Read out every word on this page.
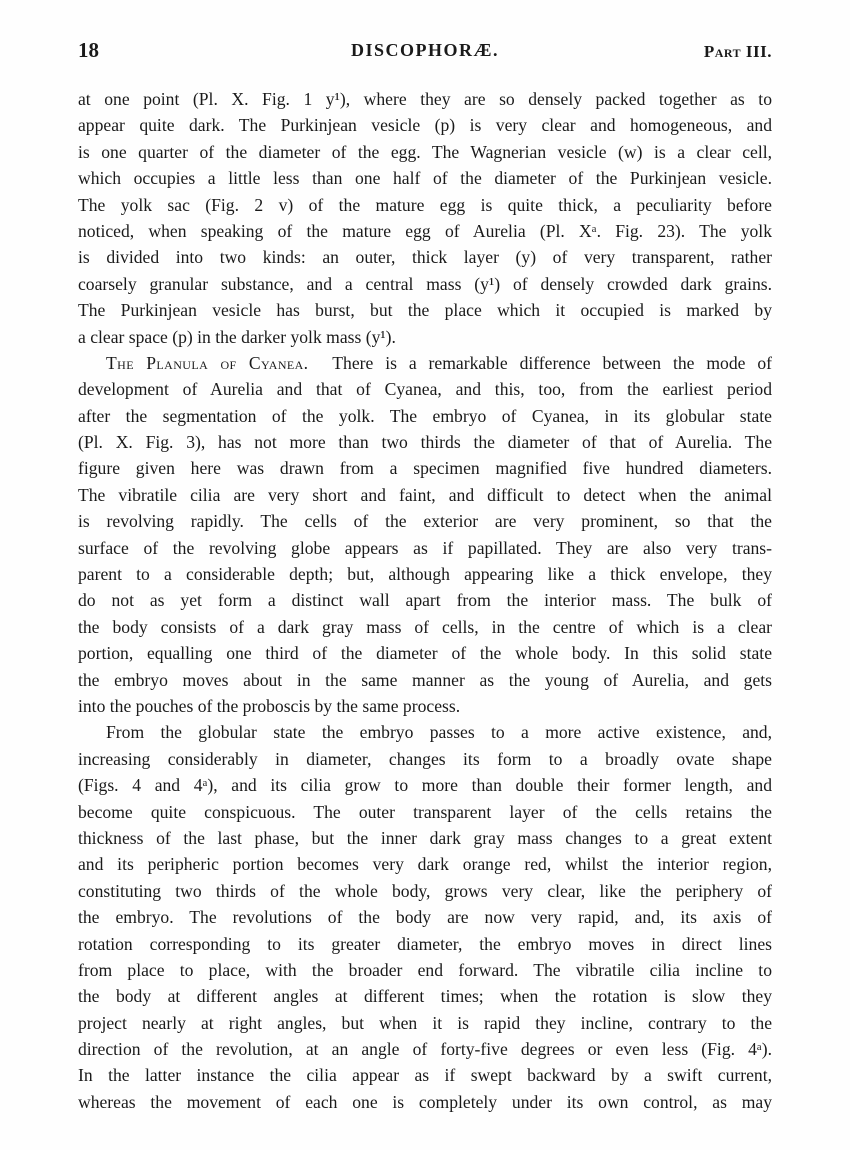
18	DISCOPHORÆ.	Part III.
at one point (Pl. X. Fig. 1 y¹), where they are so densely packed together as to
appear quite dark. The Purkinjean vesicle (p) is very clear and homogeneous, and
is one quarter of the diameter of the egg. The Wagnerian vesicle (w) is a clear cell,
which occupies a little less than one half of the diameter of the Purkinjean vesicle.
The yolk sac (Fig. 2 v) of the mature egg is quite thick, a peculiarity before
noticed, when speaking of the mature egg of Aurelia (Pl. Xᵃ. Fig. 23). The yolk
is divided into two kinds: an outer, thick layer (y) of very transparent, rather
coarsely granular substance, and a central mass (y¹) of densely crowded dark grains.
The Purkinjean vesicle has burst, but the place which it occupied is marked by
a clear space (p) in the darker yolk mass (y¹).
The Planula of Cyanea. There is a remarkable difference between the mode of
development of Aurelia and that of Cyanea, and this, too, from the earliest period
after the segmentation of the yolk. The embryo of Cyanea, in its globular state
(Pl. X. Fig. 3), has not more than two thirds the diameter of that of Aurelia. The
figure given here was drawn from a specimen magnified five hundred diameters.
The vibratile cilia are very short and faint, and difficult to detect when the animal
is revolving rapidly. The cells of the exterior are very prominent, so that the
surface of the revolving globe appears as if papillated. They are also very trans-
parent to a considerable depth; but, although appearing like a thick envelope, they
do not as yet form a distinct wall apart from the interior mass. The bulk of
the body consists of a dark gray mass of cells, in the centre of which is a clear
portion, equalling one third of the diameter of the whole body. In this solid state
the embryo moves about in the same manner as the young of Aurelia, and gets
into the pouches of the proboscis by the same process.
From the globular state the embryo passes to a more active existence, and,
increasing considerably in diameter, changes its form to a broadly ovate shape
(Figs. 4 and 4ᵃ), and its cilia grow to more than double their former length, and
become quite conspicuous. The outer transparent layer of the cells retains the
thickness of the last phase, but the inner dark gray mass changes to a great extent
and its peripheric portion becomes very dark orange red, whilst the interior region,
constituting two thirds of the whole body, grows very clear, like the periphery of
the embryo. The revolutions of the body are now very rapid, and, its axis of
rotation corresponding to its greater diameter, the embryo moves in direct lines
from place to place, with the broader end forward. The vibratile cilia incline to
the body at different angles at different times; when the rotation is slow they
project nearly at right angles, but when it is rapid they incline, contrary to the
direction of the revolution, at an angle of forty-five degrees or even less (Fig. 4ᵃ).
In the latter instance the cilia appear as if swept backward by a swift current,
whereas the movement of each one is completely under its own control, as may
